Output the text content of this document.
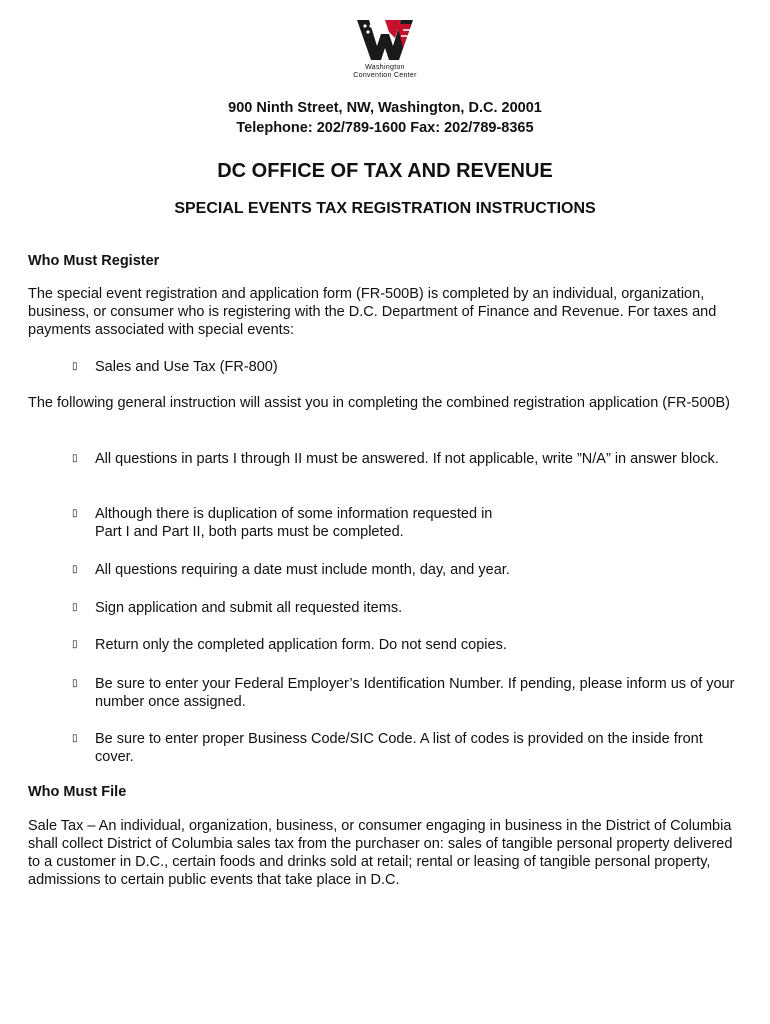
Washington
Convention Center
900 Ninth Street, NW, Washington, D.C. 20001
Telephone: 202/789-1600 Fax: 202/789-8365
DC OFFICE OF TAX AND REVENUE
SPECIAL EVENTS TAX REGISTRATION INSTRUCTIONS
Who Must Register

The special event registration and application form (FR-500B) is completed by an individual, organization, business, or consumer who is registering with the D.C. Department of Finance and Revenue. For taxes and payments associated with special events:

▯	Sales and Use Tax (FR-800)

The following general instruction will assist you in completing the combined registration application (FR-500B)

▯	All questions in parts I through II must be answered. If not applicable, write ”N/A” in answer block.
▯	Although there is duplication of some information requested in Part I and Part II, both parts must be completed.
▯	All questions requiring a date must include month, day, and year.
▯	Sign application and submit all requested items.
▯	Return only the completed application form. Do not send copies.
▯	Be sure to enter your Federal Employer’s Identification Number. If pending, please inform us of your number once assigned.
▯	Be sure to enter proper Business Code/SIC Code. A list of codes is provided on the inside front cover.
Who Must File

Sale Tax – An individual, organization, business, or consumer engaging in business in the District of Columbia shall collect District of Columbia sales tax from the purchaser on: sales of tangible personal property delivered to a customer in D.C., certain foods and drinks sold at retail; rental or leasing of tangible personal property, admissions to certain public events that take place in D.C.
